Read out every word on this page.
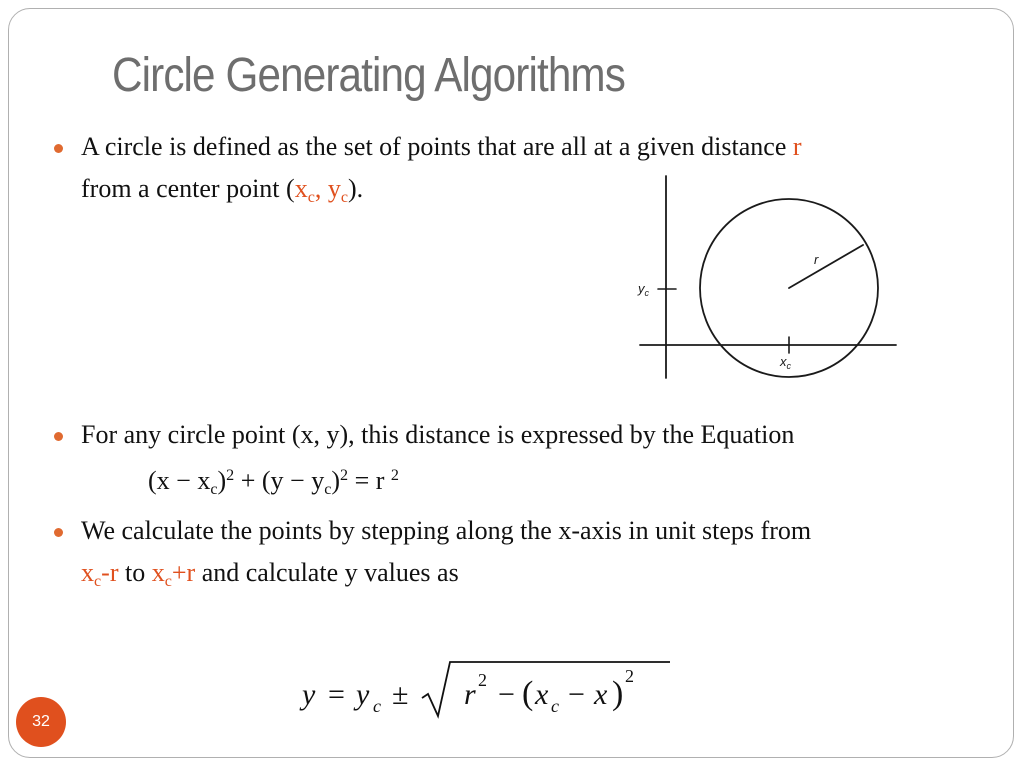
Circle Generating Algorithms
A circle is defined as the set of points that are all at a given distance r
from a center point ($x_c$, $y_c$).
$y_c$
$x_c$
r
For any circle point (x, y), this distance is expressed by the Equation
$(x - x_c)^2 + (y - y_c)^2 = r$ $^2$
We calculate the points by stepping along the x-axis in unit steps from
$x_c-r$ to $x_c+r$ and calculate y values as
y = y c ± r 2 − ( x c − x ) 2
32
